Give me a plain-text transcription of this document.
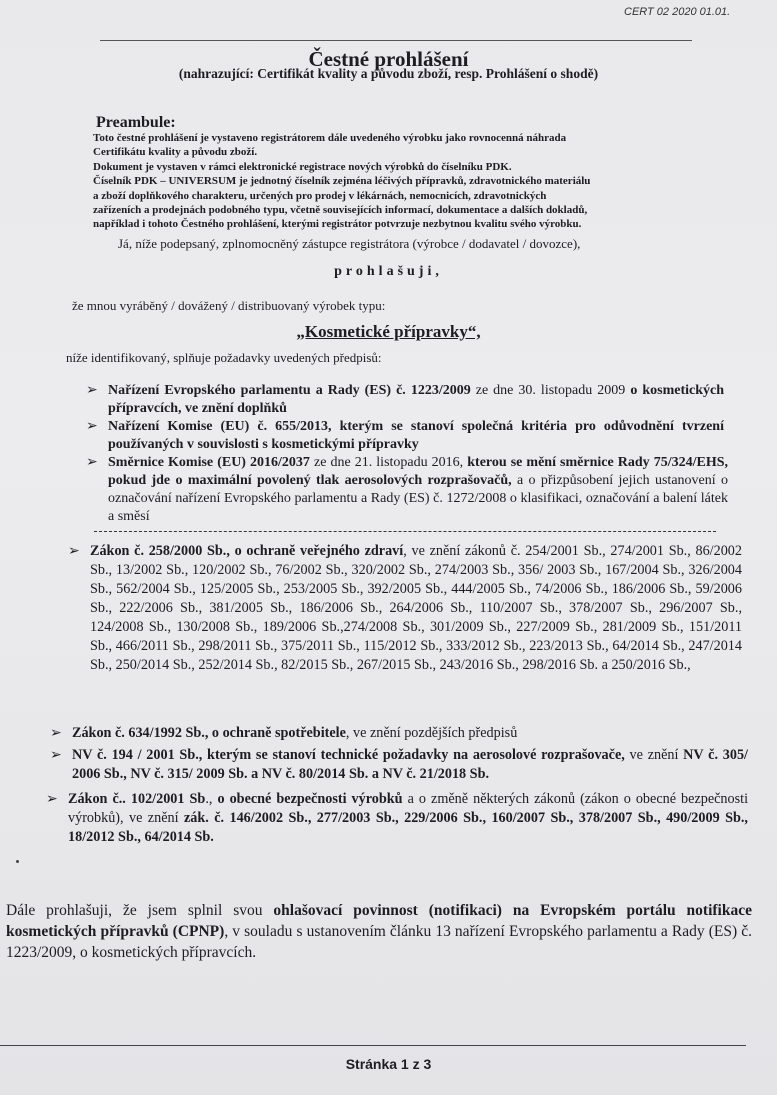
CERT 02 2020 01.01.

Čestné prohlášení

(nahrazující: Certifikát kvality a původu zboží, resp. Prohlášení o shodě)

Preambule:

Toto čestné prohlášení je vystaveno registrátorem dále uvedeného výrobku jako rovnocenná náhrada

Certifikátu kvality a původu zboží.

Dokument je vystaven v rámci elektronické registrace nových výrobků do číselníku PDK.

Číselník PDK – UNIVERSUM je jednotný číselník zejména léčivých přípravků, zdravotnického materiálu

a zboží doplňkového charakteru, určených pro prodej v lékárnách, nemocnicích, zdravotnických

zařízeních a prodejnách podobného typu, včetně souvisejících informací, dokumentace a dalších dokladů,

například i tohoto Čestného prohlášení, kterými registrátor potvrzuje nezbytnou kvalitu svého výrobku.

Já, níže podepsaný, zplnomocněný zástupce registrátora (výrobce / dodavatel / dovozce),

prohlašuji,

že mnou vyráběný / dovážený / distribuovaný výrobek typu:

„Kosmetické přípravky“,

níže identifikovaný, splňuje požadavky uvedených předpisů:

➢ Nařízení Evropského parlamentu a Rady (ES) č. 1223/2009 ze dne 30. listopadu 2009 o kosmetických přípravcích, ve znění doplňků

➢ Nařízení Komise (EU) č. 655/2013, kterým se stanoví společná kritéria pro odůvodnění tvrzení používaných v souvislosti s kosmetickými přípravky

➢ Směrnice Komise (EU) 2016/2037 ze dne 21. listopadu 2016, kterou se mění směrnice Rady 75/324/EHS, pokud jde o maximální povolený tlak aerosolových rozprašovačů, a o přizpůsobení jejich ustanovení o označování nařízení Evropského parlamentu a Rady (ES) č. 1272/2008 o klasifikaci, označování a balení látek a směsí

➢ Zákon č. 258/2000 Sb., o ochraně veřejného zdraví, ve znění zákonů č. 254/2001 Sb., 274/2001 Sb., 86/2002 Sb., 13/2002 Sb., 120/2002 Sb., 76/2002 Sb., 320/2002 Sb., 274/2003 Sb., 356/ 2003 Sb., 167/2004 Sb., 326/2004 Sb., 562/2004 Sb., 125/2005 Sb., 253/2005 Sb., 392/2005 Sb., 444/2005 Sb., 74/2006 Sb., 186/2006 Sb., 59/2006 Sb., 222/2006 Sb., 381/2005 Sb., 186/2006 Sb., 264/2006 Sb., 110/2007 Sb., 378/2007 Sb., 296/2007 Sb., 124/2008 Sb., 130/2008 Sb., 189/2006 Sb.,274/2008 Sb., 301/2009 Sb., 227/2009 Sb., 281/2009 Sb., 151/2011 Sb., 466/2011 Sb., 298/2011 Sb., 375/2011 Sb., 115/2012 Sb., 333/2012 Sb., 223/2013 Sb., 64/2014 Sb., 247/2014 Sb., 250/2014 Sb., 252/2014 Sb., 82/2015 Sb., 267/2015 Sb., 243/2016 Sb., 298/2016 Sb. a 250/2016 Sb.,

➢ Zákon č. 634/1992 Sb., o ochraně spotřebitele, ve znění pozdějších předpisů

➢ NV č. 194 / 2001 Sb., kterým se stanoví technické požadavky na aerosolové rozprašovače, ve znění NV č. 305/ 2006 Sb., NV č. 315/ 2009 Sb. a NV č. 80/2014 Sb. a NV č. 21/2018 Sb.

➢ Zákon č.. 102/2001 Sb., o obecné bezpečnosti výrobků a o změně některých zákonů (zákon o obecné bezpečnosti výrobků), ve znění zák. č. 146/2002 Sb., 277/2003 Sb., 229/2006 Sb., 160/2007 Sb., 378/2007 Sb., 490/2009 Sb., 18/2012 Sb., 64/2014 Sb.

Dále prohlašuji, že jsem splnil svou ohlašovací povinnost (notifikaci) na Evropském portálu notifikace kosmetických přípravků (CPNP), v souladu s ustanovením článku 13 nařízení Evropského parlamentu a Rady (ES) č. 1223/2009, o kosmetických přípravcích.

Stránka 1 z 3
